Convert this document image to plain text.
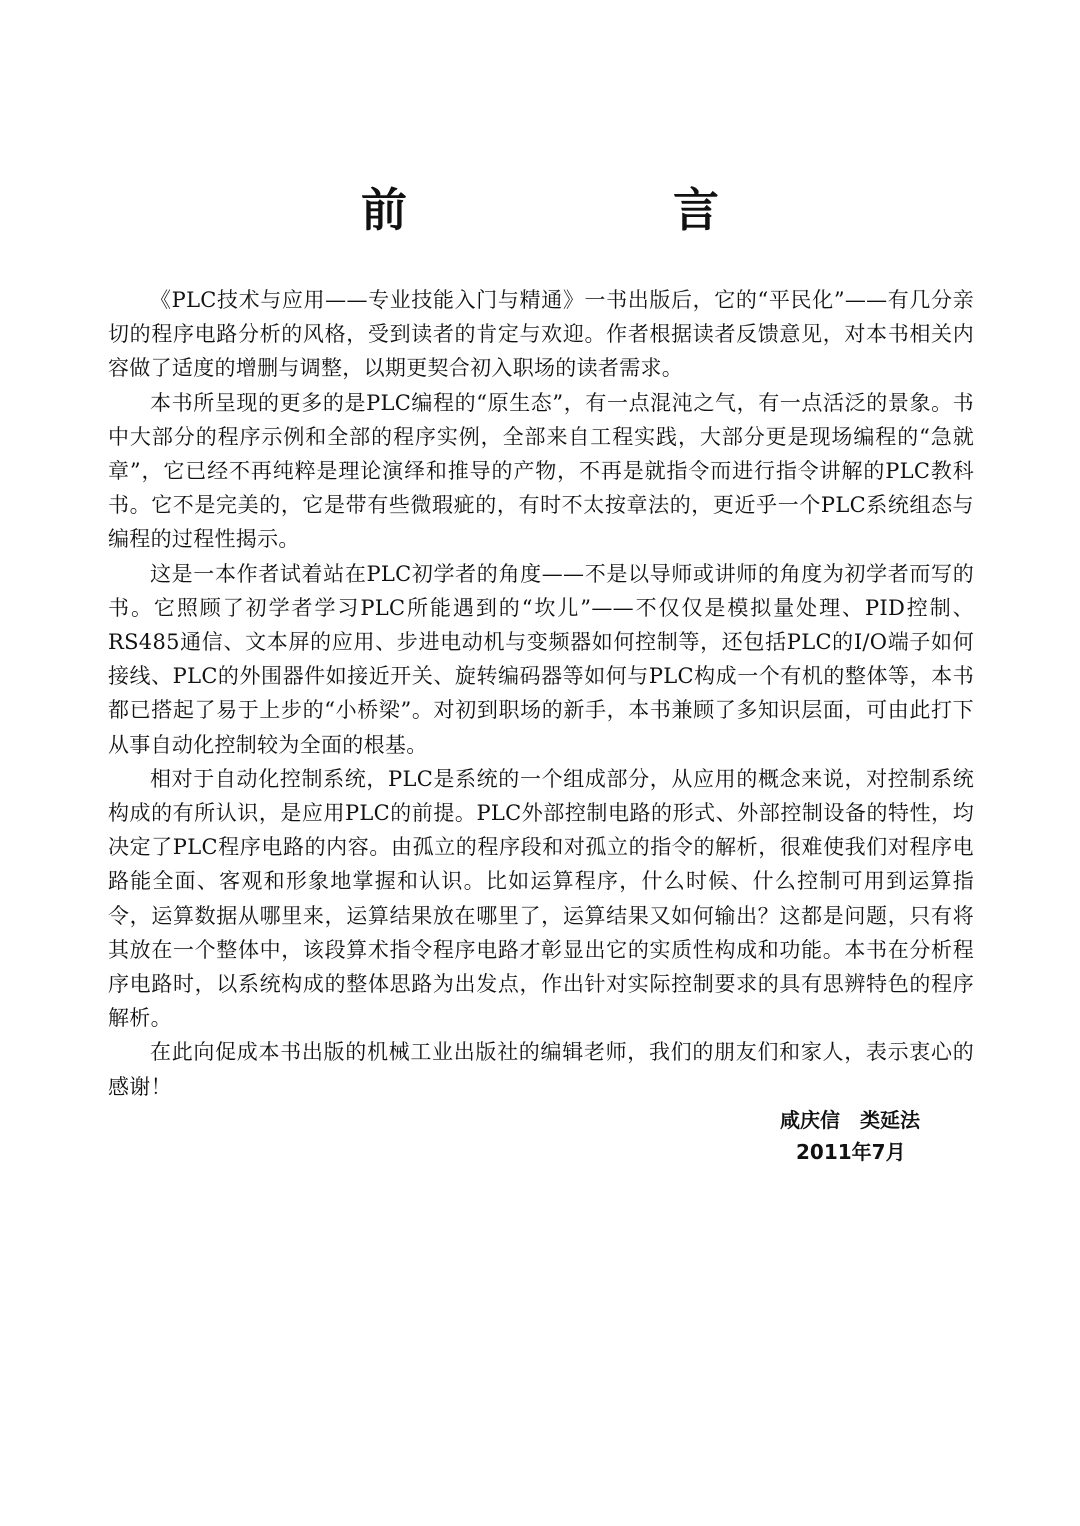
前　言

《PLC技术与应用——专业技能入门与精通》一书出版后，它的“平民化”——有几分亲切的程序电路分析的风格，受到读者的肯定与欢迎。作者根据读者反馈意见，对本书相关内容做了适度的增删与调整，以期更契合初入职场的读者需求。

本书所呈现的更多的是PLC编程的“原生态”，有一点混沌之气，有一点活泛的景象。书中大部分的程序示例和全部的程序实例，全部来自工程实践，大部分更是现场编程的“急就章”，它已经不再纯粹是理论演绎和推导的产物，不再是就指令而进行指令讲解的PLC教科书。它不是完美的，它是带有些微瑕疵的，有时不太按章法的，更近乎一个PLC系统组态与编程的过程性揭示。

这是一本作者试着站在PLC初学者的角度——不是以导师或讲师的角度为初学者而写的书。它照顾了初学者学习PLC所能遇到的“坎儿”——不仅仅是模拟量处理、PID控制、RS485通信、文本屏的应用、步进电动机与变频器如何控制等，还包括PLC的I/O端子如何接线、PLC的外围器件如接近开关、旋转编码器等如何与PLC构成一个有机的整体等，本书都已搭起了易于上步的“小桥梁”。对初到职场的新手，本书兼顾了多知识层面，可由此打下从事自动化控制较为全面的根基。

相对于自动化控制系统，PLC是系统的一个组成部分，从应用的概念来说，对控制系统构成的有所认识，是应用PLC的前提。PLC外部控制电路的形式、外部控制设备的特性，均决定了PLC程序电路的内容。由孤立的程序段和对孤立的指令的解析，很难使我们对程序电路能全面、客观和形象地掌握和认识。比如运算程序，什么时候、什么控制可用到运算指令，运算数据从哪里来，运算结果放在哪里了，运算结果又如何输出？这都是问题，只有将其放在一个整体中，该段算术指令程序电路才彰显出它的实质性构成和功能。本书在分析程序电路时，以系统构成的整体思路为出发点，作出针对实际控制要求的具有思辨特色的程序解析。

在此向促成本书出版的机械工业出版社的编辑老师，我们的朋友们和家人，表示衷心的感谢！

咸庆信　类延法
2011年7月
